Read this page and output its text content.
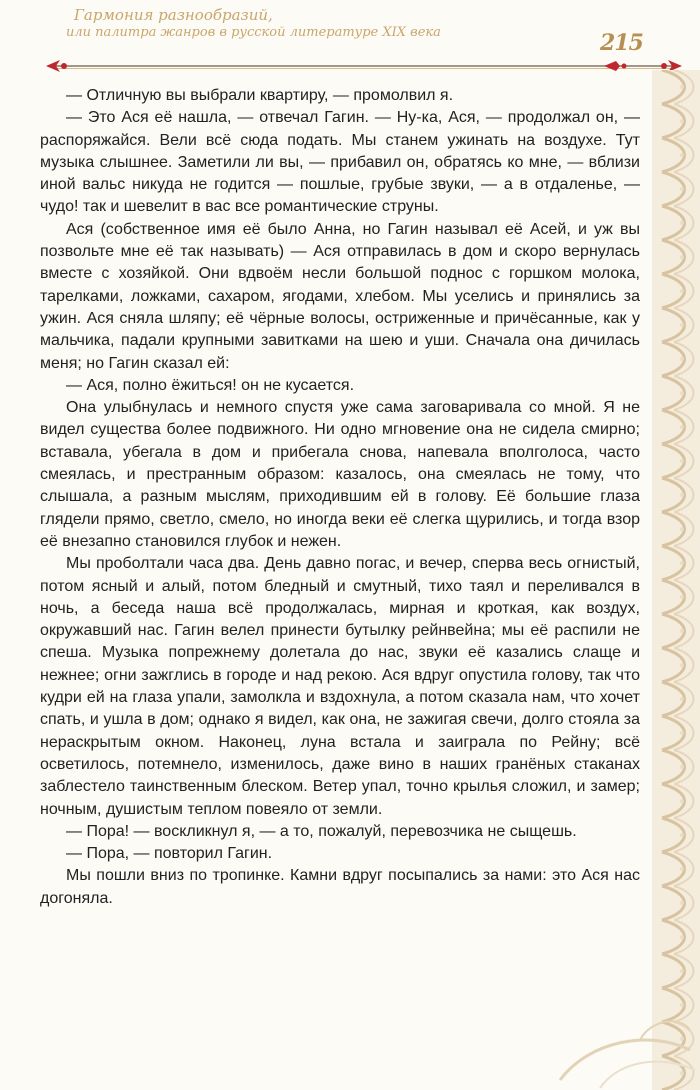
Гармония разнообразий,
или палитра жанров в русской литературе XIX века	215

— Отличную вы выбрали квартиру, — промолвил я.

— Это Ася её нашла, — отвечал Гагин. — Ну-ка, Ася, — продолжал он, — распоряжайся. Вели всё сюда подать. Мы станем ужинать на воздухе. Тут музыка слышнее. Заметили ли вы, — прибавил он, обратясь ко мне, — вблизи иной вальс никуда не годится — пошлые, грубые звуки, — а в отдаленье, — чудо! так и шевелит в вас все романтические струны.

Ася (собственное имя её было Анна, но Гагин называл её Асей, и уж вы позвольте мне её так называть) — Ася отправилась в дом и скоро вернулась вместе с хозяйкой. Они вдвоём несли большой поднос с горшком молока, тарелками, ложками, сахаром, ягодами, хлебом. Мы уселись и принялись за ужин. Ася сняла шляпу; её чёрные волосы, остриженные и причёсанные, как у мальчика, падали крупными завитками на шею и уши. Сначала она дичилась меня; но Гагин сказал ей:

— Ася, полно ёжиться! он не кусается.

Она улыбнулась и немного спустя уже сама заговаривала со мной. Я не видел существа более подвижного. Ни одно мгновение она не сидела смирно; вставала, убегала в дом и прибегала снова, напевала вполголоса, часто смеялась, и престранным образом: казалось, она смеялась не тому, что слышала, а разным мыслям, приходившим ей в голову. Её большие глаза глядели прямо, светло, смело, но иногда веки её слегка щурились, и тогда взор её внезапно становился глубок и нежен.

Мы проболтали часа два. День давно погас, и вечер, сперва весь огнистый, потом ясный и алый, потом бледный и смутный, тихо таял и переливался в ночь, а беседа наша всё продолжалась, мирная и кроткая, как воздух, окружавший нас. Гагин велел принести бутылку рейнвейна; мы её распили не спеша. Музыка попрежнему долетала до нас, звуки её казались слаще и нежнее; огни зажглись в городе и над рекою. Ася вдруг опустила голову, так что кудри ей на глаза упали, замолкла и вздохнула, а потом сказала нам, что хочет спать, и ушла в дом; однако я видел, как она, не зажигая свечи, долго стояла за нераскрытым окном. Наконец, луна встала и заиграла по Рейну; всё осветилось, потемнело, изменилось, даже вино в наших гранёных стаканах заблестело таинственным блеском. Ветер упал, точно крылья сложил, и замер; ночным, душистым теплом повеяло от земли.

— Пора! — воскликнул я, — а то, пожалуй, перевозчика не сыщешь.

— Пора, — повторил Гагин.

Мы пошли вниз по тропинке. Камни вдруг посыпались за нами: это Ася нас догоняла.
